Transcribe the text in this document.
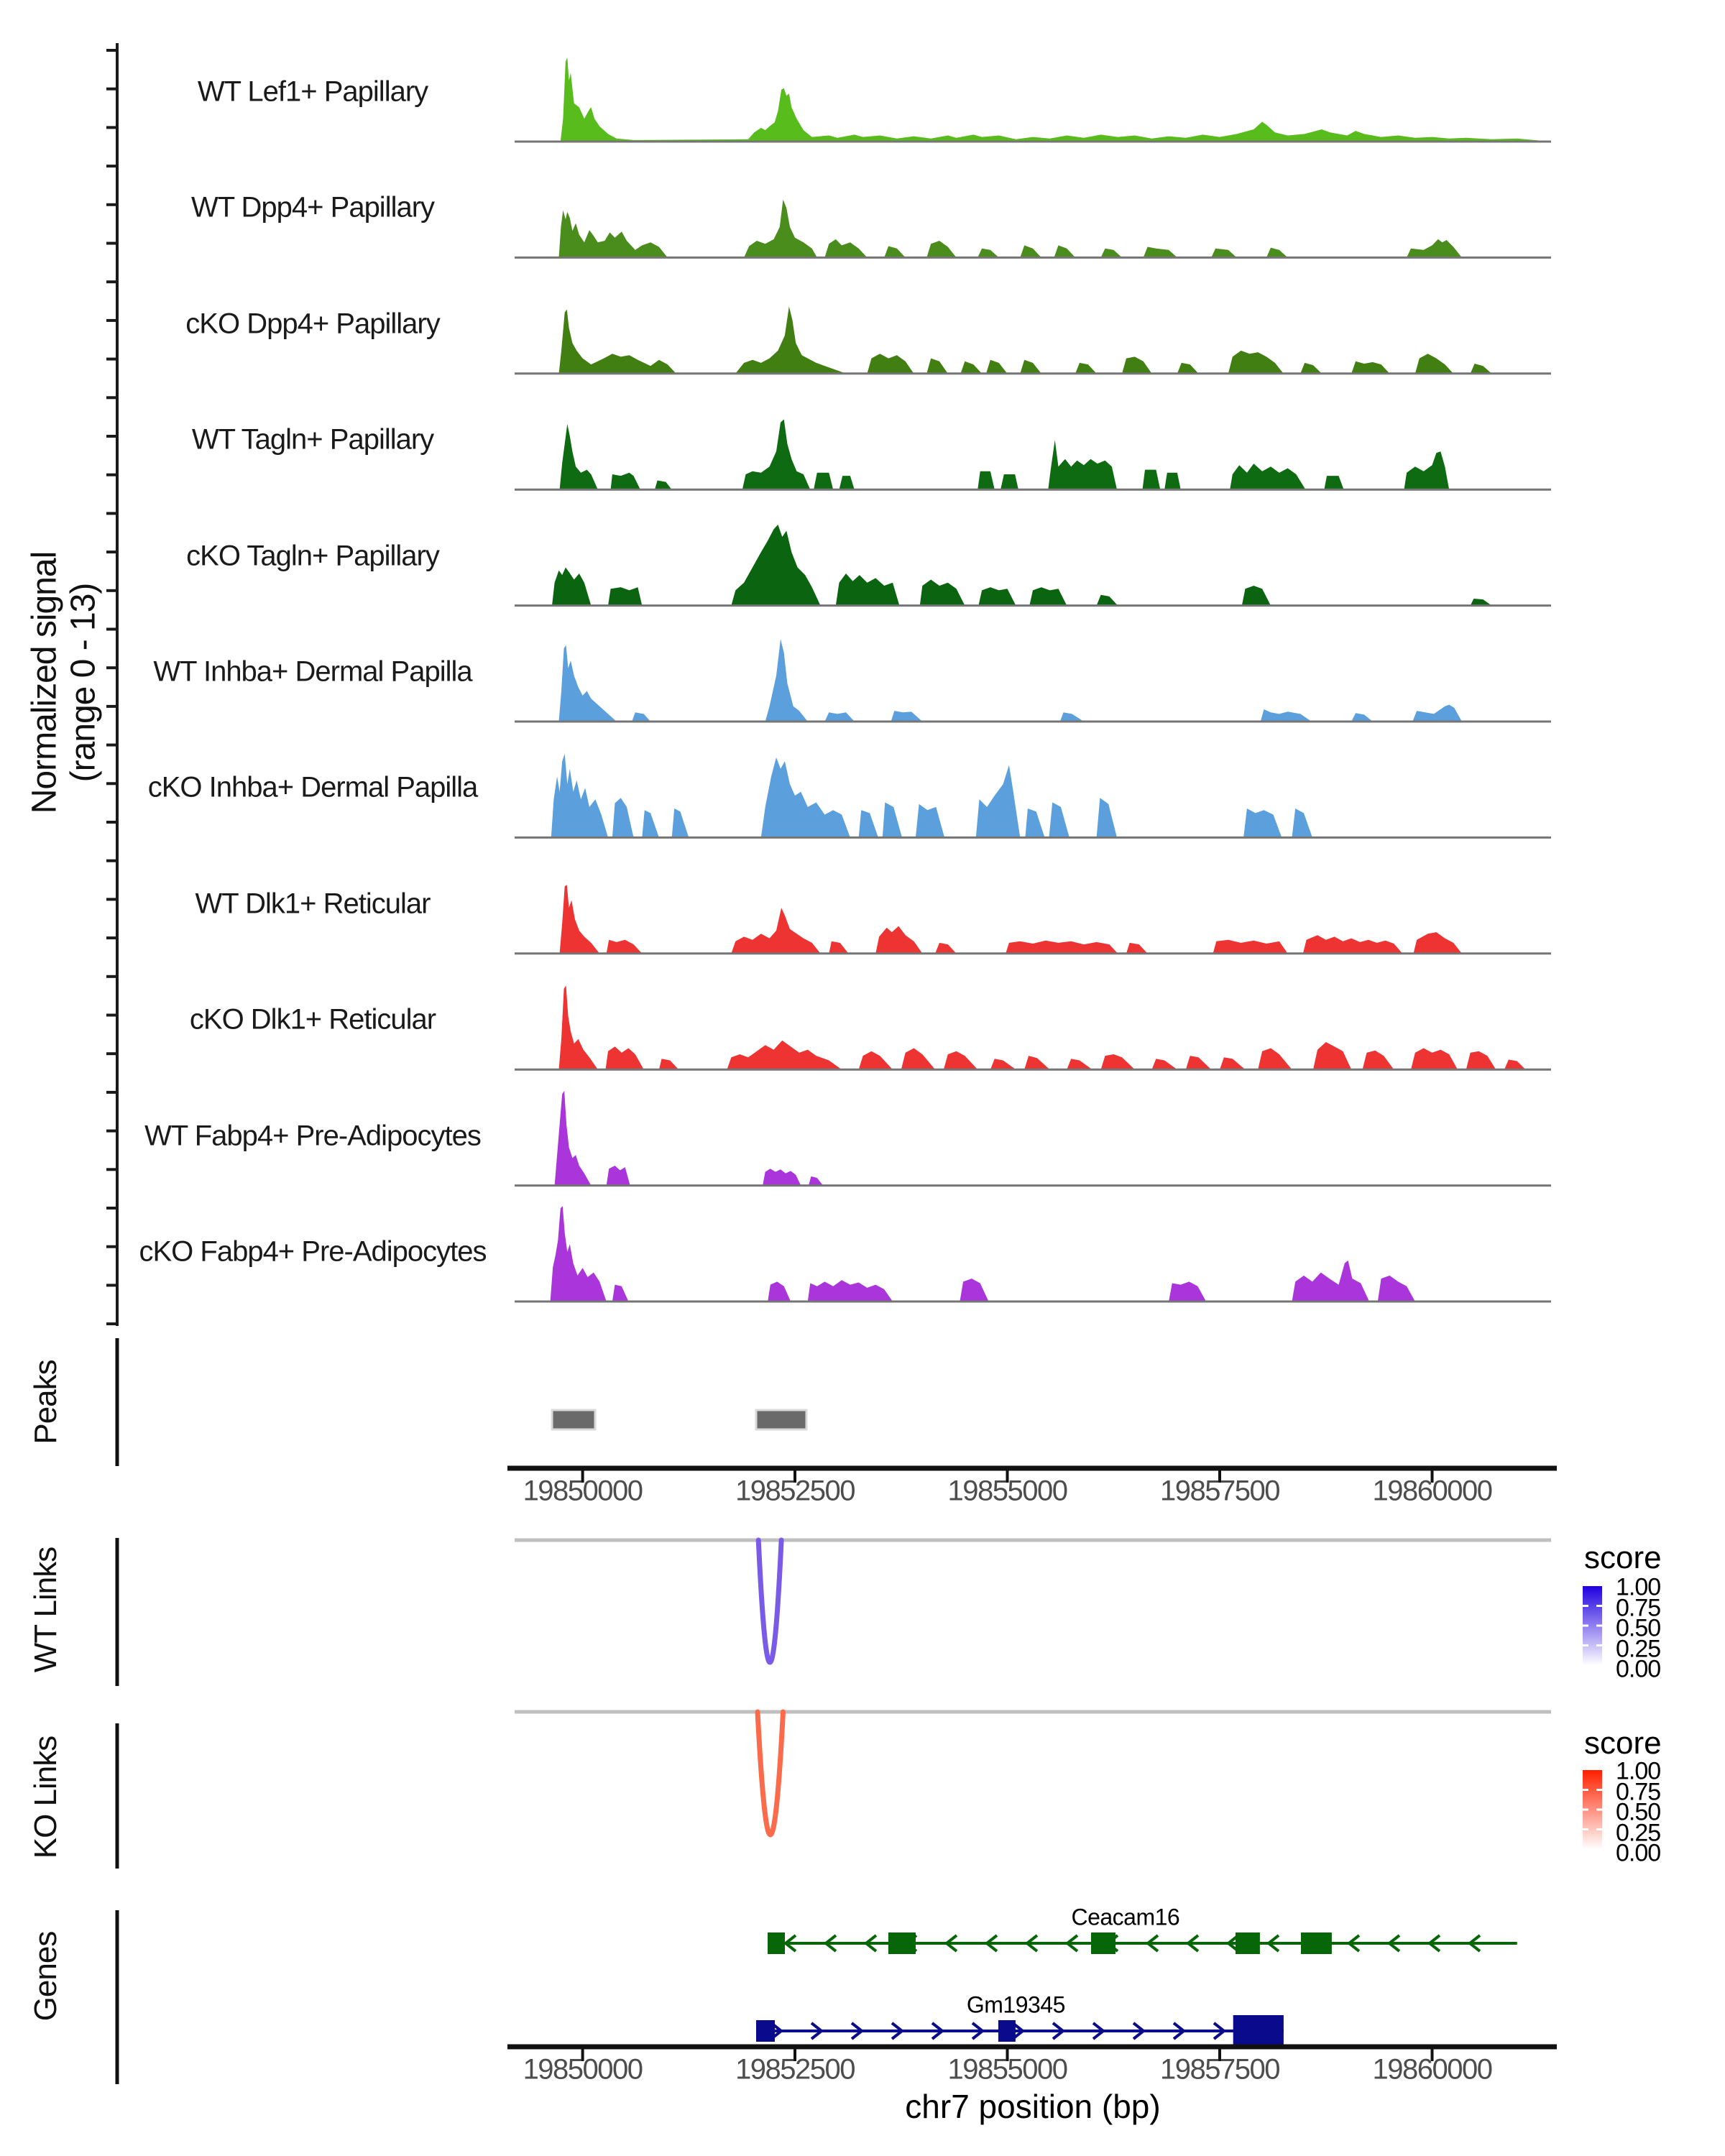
Normalized signal (range 0 - 13)
Peaks
WT Links
KO Links
Genes
score
score
WT Lef1+ Papillary
WT Dpp4+ Papillary
cKO Dpp4+ Papillary
WT Tagln+ Papillary
cKO Tagln+ Papillary
WT Inhba+ Dermal Papilla
cKO Inhba+ Dermal Papilla
WT Dlk1+ Reticular
cKO Dlk1+ Reticular
WT Fabp4+ Pre-Adipocytes
cKO Fabp4+ Pre-Adipocytes
19850000	19852500	19855000	19857500	19860000
19850000	19852500	19855000	19857500	19860000
1.00
0.75
0.50
0.25
0.00
1.00
0.75
0.50
0.25
0.00
Ceacam16
Gm19345
chr7 position (bp)
